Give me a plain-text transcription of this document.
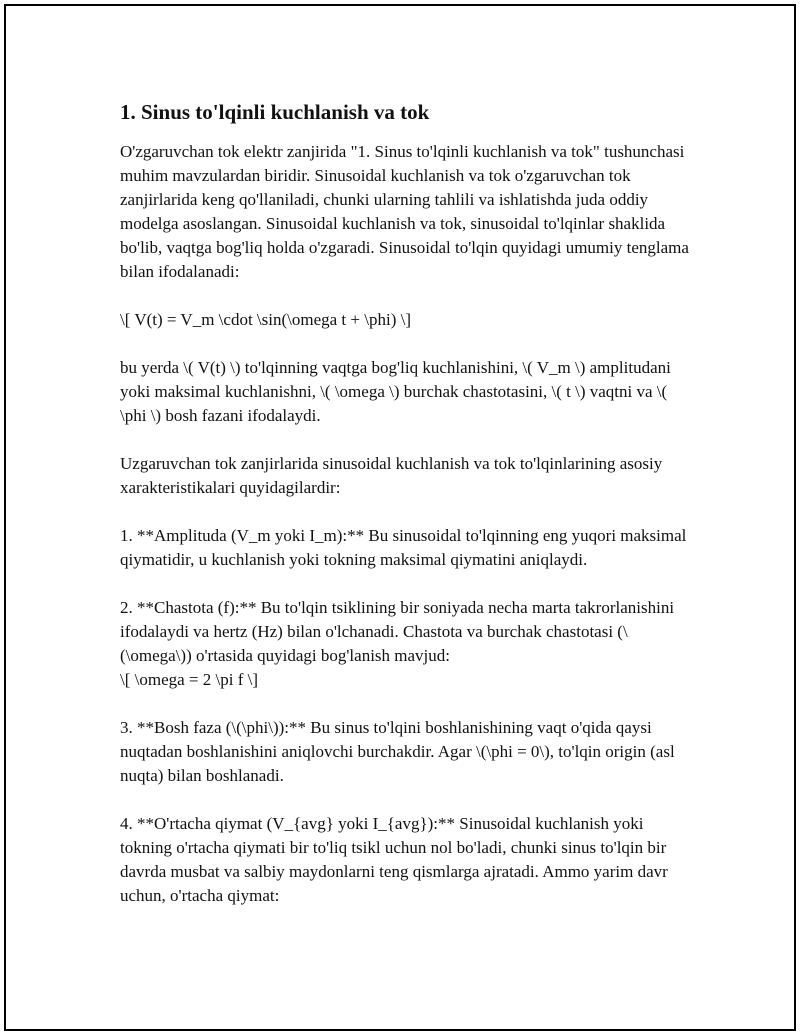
1. Sinus to'lqinli kuchlanish va tok

O'zgaruvchan tok elektr zanjirida "1. Sinus to'lqinli kuchlanish va tok" tushunchasi muhim mavzulardan biridir. Sinusoidal kuchlanish va tok o'zgaruvchan tok zanjirlarida keng qo'llaniladi, chunki ularning tahlili va ishlatishda juda oddiy modelga asoslangan. Sinusoidal kuchlanish va tok, sinusoidal to'lqinlar shaklida bo'lib, vaqtga bog'liq holda o'zgaradi. Sinusoidal to'lqin quyidagi umumiy tenglama bilan ifodalanadi:

\[ V(t) = V_m \cdot \sin(\omega t + \phi) \]

bu yerda \( V(t) \) to'lqinning vaqtga bog'liq kuchlanishini, \( V_m \) amplitudani yoki maksimal kuchlanishni, \( \omega \) burchak chastotasini, \( t \) vaqtni va \( \phi \) bosh fazani ifodalaydi.

Uzgaruvchan tok zanjirlarida sinusoidal kuchlanish va tok to'lqinlarining asosiy xarakteristikalari quyidagilardir:

1. **Amplituda (V_m yoki I_m):** Bu sinusoidal to'lqinning eng yuqori maksimal qiymatidir, u kuchlanish yoki tokning maksimal qiymatini aniqlaydi.

2. **Chastota (f):** Bu to'lqin tsiklining bir soniyada necha marta takrorlanishini ifodalaydi va hertz (Hz) bilan o'lchanadi. Chastota va burchak chastotasi (\(\omega\)) o'rtasida quyidagi bog'lanish mavjud:

\[ \omega = 2 \pi f \]

3. **Bosh faza (\(\phi\)):** Bu sinus to'lqini boshlanishining vaqt o'qida qaysi nuqtadan boshlanishini aniqlovchi burchakdir. Agar \(\phi = 0\), to'lqin origin (asl nuqta) bilan boshlanadi.

4. **O'rtacha qiymat (V_{avg} yoki I_{avg}):** Sinusoidal kuchlanish yoki tokning o'rtacha qiymati bir to'liq tsikl uchun nol bo'ladi, chunki sinus to'lqin bir davrda musbat va salbiy maydonlarni teng qismlarga ajratadi. Ammo yarim davr uchun, o'rtacha qiymat:
